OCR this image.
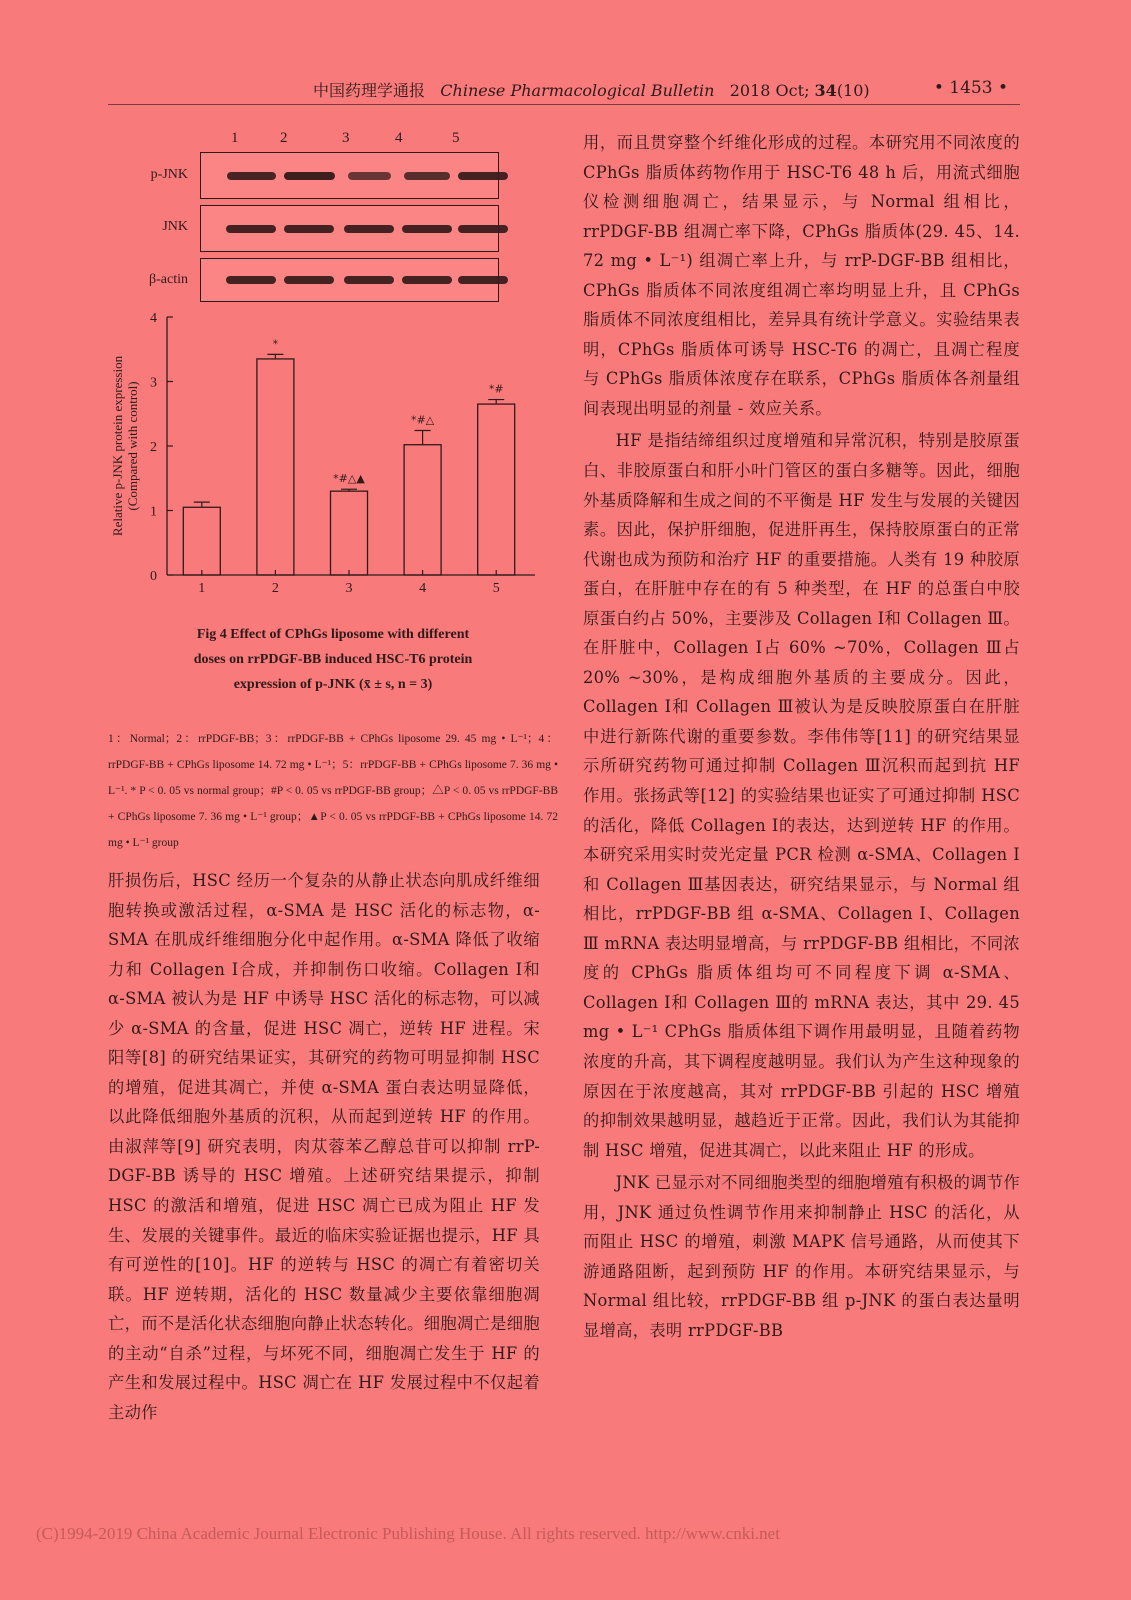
中国药理学通报 Chinese Pharmacological Bulletin 2018 Oct; 34(10)	• 1453 •
1	2	3	4	5
p-JNK
JNK
β-actin
0
1
2
3
4
1	2
*
3
*#△▲
4
*#△
5
*#
Relative p-JNK protein expression (Compared with control)
Fig 4 Effect of CPhGs liposome with different
doses on rrPDGF-BB induced HSC-T6 protein
expression of p-JNK (x̄ ± s, n = 3)
1：Normal；2：rrPDGF-BB；3：rrPDGF-BB + CPhGs liposome 29. 45 mg • L⁻¹；4：rrPDGF-BB + CPhGs liposome 14. 72 mg • L⁻¹；5：rrPDGF-BB + CPhGs liposome 7. 36 mg • L⁻¹. * P < 0. 05 vs normal group；#P < 0. 05 vs rrPDGF-BB group；△P < 0. 05 vs rrPDGF-BB + CPhGs liposome 7. 36 mg • L⁻¹ group；▲P < 0. 05 vs rrPDGF-BB + CPhGs liposome 14. 72 mg • L⁻¹ group

肝损伤后，HSC 经历一个复杂的从静止状态向肌成纤维细胞转换或激活过程，α-SMA 是 HSC 活化的标志物，α-SMA 在肌成纤维细胞分化中起作用。α-SMA 降低了收缩力和 Collagen Ⅰ合成，并抑制伤口收缩。Collagen Ⅰ和 α-SMA 被认为是 HF 中诱导 HSC 活化的标志物，可以减少 α-SMA 的含量，促进 HSC 凋亡，逆转 HF 进程。宋阳等[8] 的研究结果证实，其研究的药物可明显抑制 HSC 的增殖，促进其凋亡，并使 α-SMA 蛋白表达明显降低，以此降低细胞外基质的沉积，从而起到逆转 HF 的作用。由淑萍等[9] 研究表明，肉苁蓉苯乙醇总苷可以抑制 rrP-DGF-BB 诱导的 HSC 增殖。上述研究结果提示，抑制 HSC 的激活和增殖，促进 HSC 凋亡已成为阻止 HF 发生、发展的关键事件。最近的临床实验证据也提示，HF 具有可逆性的[10]。HF 的逆转与 HSC 的凋亡有着密切关联。HF 逆转期，活化的 HSC 数量减少主要依靠细胞凋亡，而不是活化状态细胞向静止状态转化。细胞凋亡是细胞的主动“自杀”过程，与坏死不同，细胞凋亡发生于 HF 的产生和发展过程中。HSC 凋亡在 HF 发展过程中不仅起着主动作

用，而且贯穿整个纤维化形成的过程。本研究用不同浓度的 CPhGs 脂质体药物作用于 HSC-T6 48 h 后，用流式细胞仪检测细胞凋亡，结果显示，与 Normal 组相比，rrPDGF-BB 组凋亡率下降，CPhGs 脂质体(29. 45、14. 72 mg • L⁻¹) 组凋亡率上升，与 rrP-DGF-BB 组相比，CPhGs 脂质体不同浓度组凋亡率均明显上升，且 CPhGs 脂质体不同浓度组相比，差异具有统计学意义。实验结果表明，CPhGs 脂质体可诱导 HSC-T6 的凋亡，且凋亡程度与 CPhGs 脂质体浓度存在联系，CPhGs 脂质体各剂量组间表现出明显的剂量 - 效应关系。

HF 是指结缔组织过度增殖和异常沉积，特别是胶原蛋白、非胶原蛋白和肝小叶门管区的蛋白多糖等。因此，细胞外基质降解和生成之间的不平衡是 HF 发生与发展的关键因素。因此，保护肝细胞，促进肝再生，保持胶原蛋白的正常代谢也成为预防和治疗 HF 的重要措施。人类有 19 种胶原蛋白，在肝脏中存在的有 5 种类型，在 HF 的总蛋白中胶原蛋白约占 50%，主要涉及 Collagen Ⅰ和 Collagen Ⅲ。在肝脏中，Collagen Ⅰ占 60% ~70%，Collagen Ⅲ占 20% ~30%，是构成细胞外基质的主要成分。因此，Collagen Ⅰ和 Collagen Ⅲ被认为是反映胶原蛋白在肝脏中进行新陈代谢的重要参数。李伟伟等[11] 的研究结果显示所研究药物可通过抑制 Collagen Ⅲ沉积而起到抗 HF 作用。张扬武等[12] 的实验结果也证实了可通过抑制 HSC 的活化，降低 Collagen Ⅰ的表达，达到逆转 HF 的作用。本研究采用实时荧光定量 PCR 检测 α-SMA、Collagen Ⅰ和 Collagen Ⅲ基因表达，研究结果显示，与 Normal 组相比，rrPDGF-BB 组 α-SMA、Collagen Ⅰ、Collagen Ⅲ mRNA 表达明显增高，与 rrPDGF-BB 组相比，不同浓度的 CPhGs 脂质体组均可不同程度下调 α-SMA、Collagen Ⅰ和 Collagen Ⅲ的 mRNA 表达，其中 29. 45 mg • L⁻¹ CPhGs 脂质体组下调作用最明显，且随着药物浓度的升高，其下调程度越明显。我们认为产生这种现象的原因在于浓度越高，其对 rrPDGF-BB 引起的 HSC 增殖的抑制效果越明显，越趋近于正常。因此，我们认为其能抑制 HSC 增殖，促进其凋亡，以此来阻止 HF 的形成。

JNK 已显示对不同细胞类型的细胞增殖有积极的调节作用，JNK 通过负性调节作用来抑制静止 HSC 的活化，从而阻止 HSC 的增殖，刺激 MAPK 信号通路，从而使其下游通路阻断，起到预防 HF 的作用。本研究结果显示，与 Normal 组比较，rrPDGF-BB 组 p-JNK 的蛋白表达量明显增高，表明 rrPDGF-BB

(C)1994-2019 China Academic Journal Electronic Publishing House. All rights reserved. http://www.cnki.net
